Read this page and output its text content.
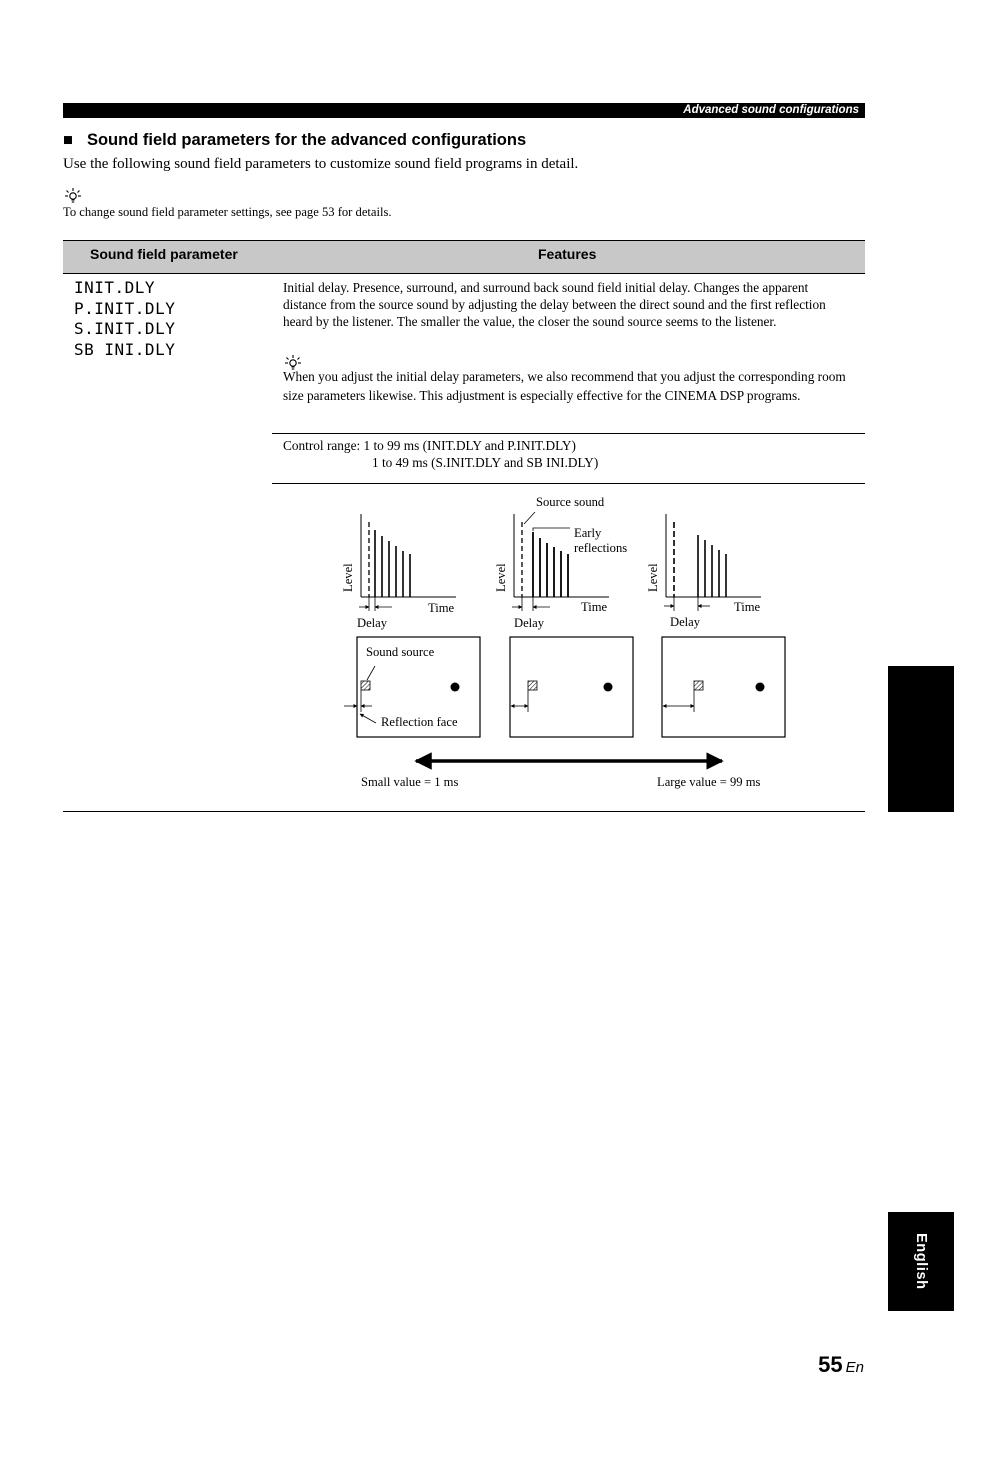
Advanced sound configurations
■ Sound field parameters for the advanced configurations

Use the following sound field parameters to customize sound field programs in detail.

To change sound field parameter settings, see page 53 for details.

Sound field parameter	Features
INIT.DLY
P.INIT.DLY
S.INIT.DLY
SB INI.DLY

Initial delay. Presence, surround, and surround back sound field initial delay. Changes the apparent distance from the source sound by adjusting the delay between the direct sound and the first reflection heard by the listener. The smaller the value, the closer the sound source seems to the listener.

When you adjust the initial delay parameters, we also recommend that you adjust the corresponding room size parameters likewise. This adjustment is especially effective for the CINEMA DSP programs.

Control range: 1 to 99 ms (INIT.DLY and P.INIT.DLY)
1 to 49 ms (S.INIT.DLY and SB INI.DLY)
Level
Time
Delay
Level
Time
Delay
Source sound
Early
reflections
Level
Time
Delay
Sound source
Reflection face
Small value = 1 ms	Large value = 99 ms
ADVANCED
OPERATION
English
55 En
